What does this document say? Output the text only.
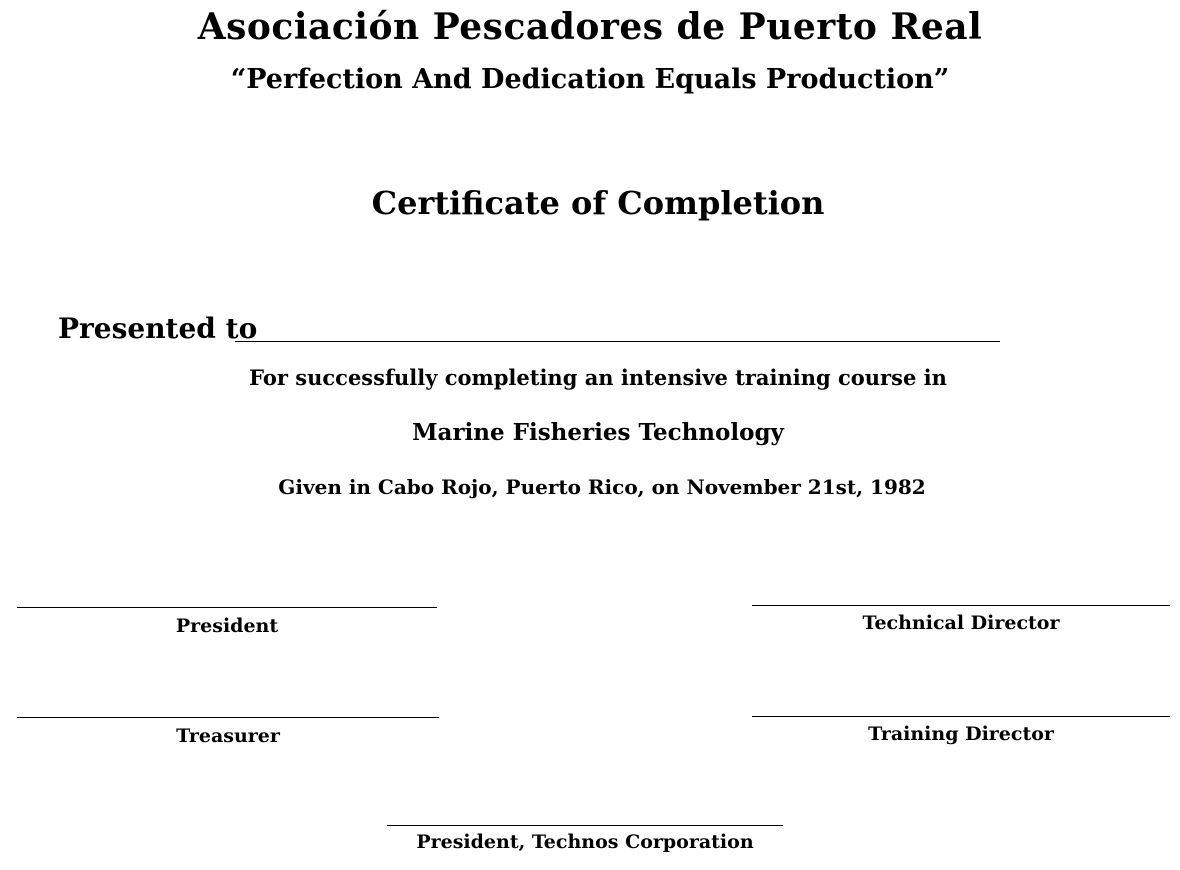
Asociación Pescadores de Puerto Real
“Perfection And Dedication Equals Production”
Certificate of Completion
Presented to
For successfully completing an intensive training course in
Marine Fisheries Technology
Given in Cabo Rojo, Puerto Rico, on November 21st, 1982
President	Technical Director
Treasurer	Training Director
President, Technos Corporation
